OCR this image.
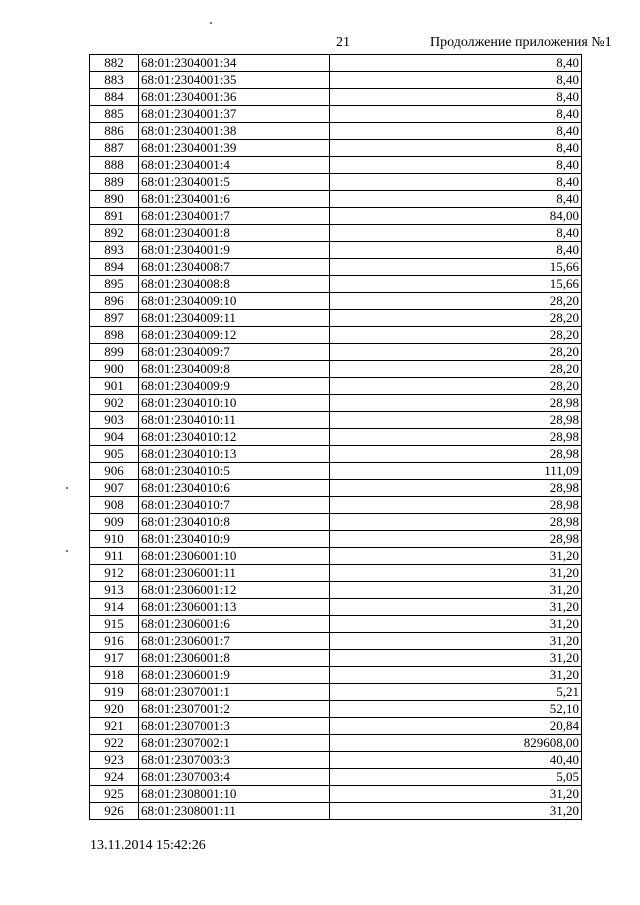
21	Продолжение приложения №1
882	68:01:2304001:34	8,40
883	68:01:2304001:35	8,40
884	68:01:2304001:36	8,40
885	68:01:2304001:37	8,40
886	68:01:2304001:38	8,40
887	68:01:2304001:39	8,40
888	68:01:2304001:4	8,40
889	68:01:2304001:5	8,40
890	68:01:2304001:6	8,40
891	68:01:2304001:7	84,00
892	68:01:2304001:8	8,40
893	68:01:2304001:9	8,40
894	68:01:2304008:7	15,66
895	68:01:2304008:8	15,66
896	68:01:2304009:10	28,20
897	68:01:2304009:11	28,20
898	68:01:2304009:12	28,20
899	68:01:2304009:7	28,20
900	68:01:2304009:8	28,20
901	68:01:2304009:9	28,20
902	68:01:2304010:10	28,98
903	68:01:2304010:11	28,98
904	68:01:2304010:12	28,98
905	68:01:2304010:13	28,98
906	68:01:2304010:5	111,09
907	68:01:2304010:6	28,98
908	68:01:2304010:7	28,98
909	68:01:2304010:8	28,98
910	68:01:2304010:9	28,98
911	68:01:2306001:10	31,20
912	68:01:2306001:11	31,20
913	68:01:2306001:12	31,20
914	68:01:2306001:13	31,20
915	68:01:2306001:6	31,20
916	68:01:2306001:7	31,20
917	68:01:2306001:8	31,20
918	68:01:2306001:9	31,20
919	68:01:2307001:1	5,21
920	68:01:2307001:2	52,10
921	68:01:2307001:3	20,84
922	68:01:2307002:1	829608,00
923	68:01:2307003:3	40,40
924	68:01:2307003:4	5,05
925	68:01:2308001:10	31,20
926	68:01:2308001:11	31,20
13.11.2014 15:42:26
